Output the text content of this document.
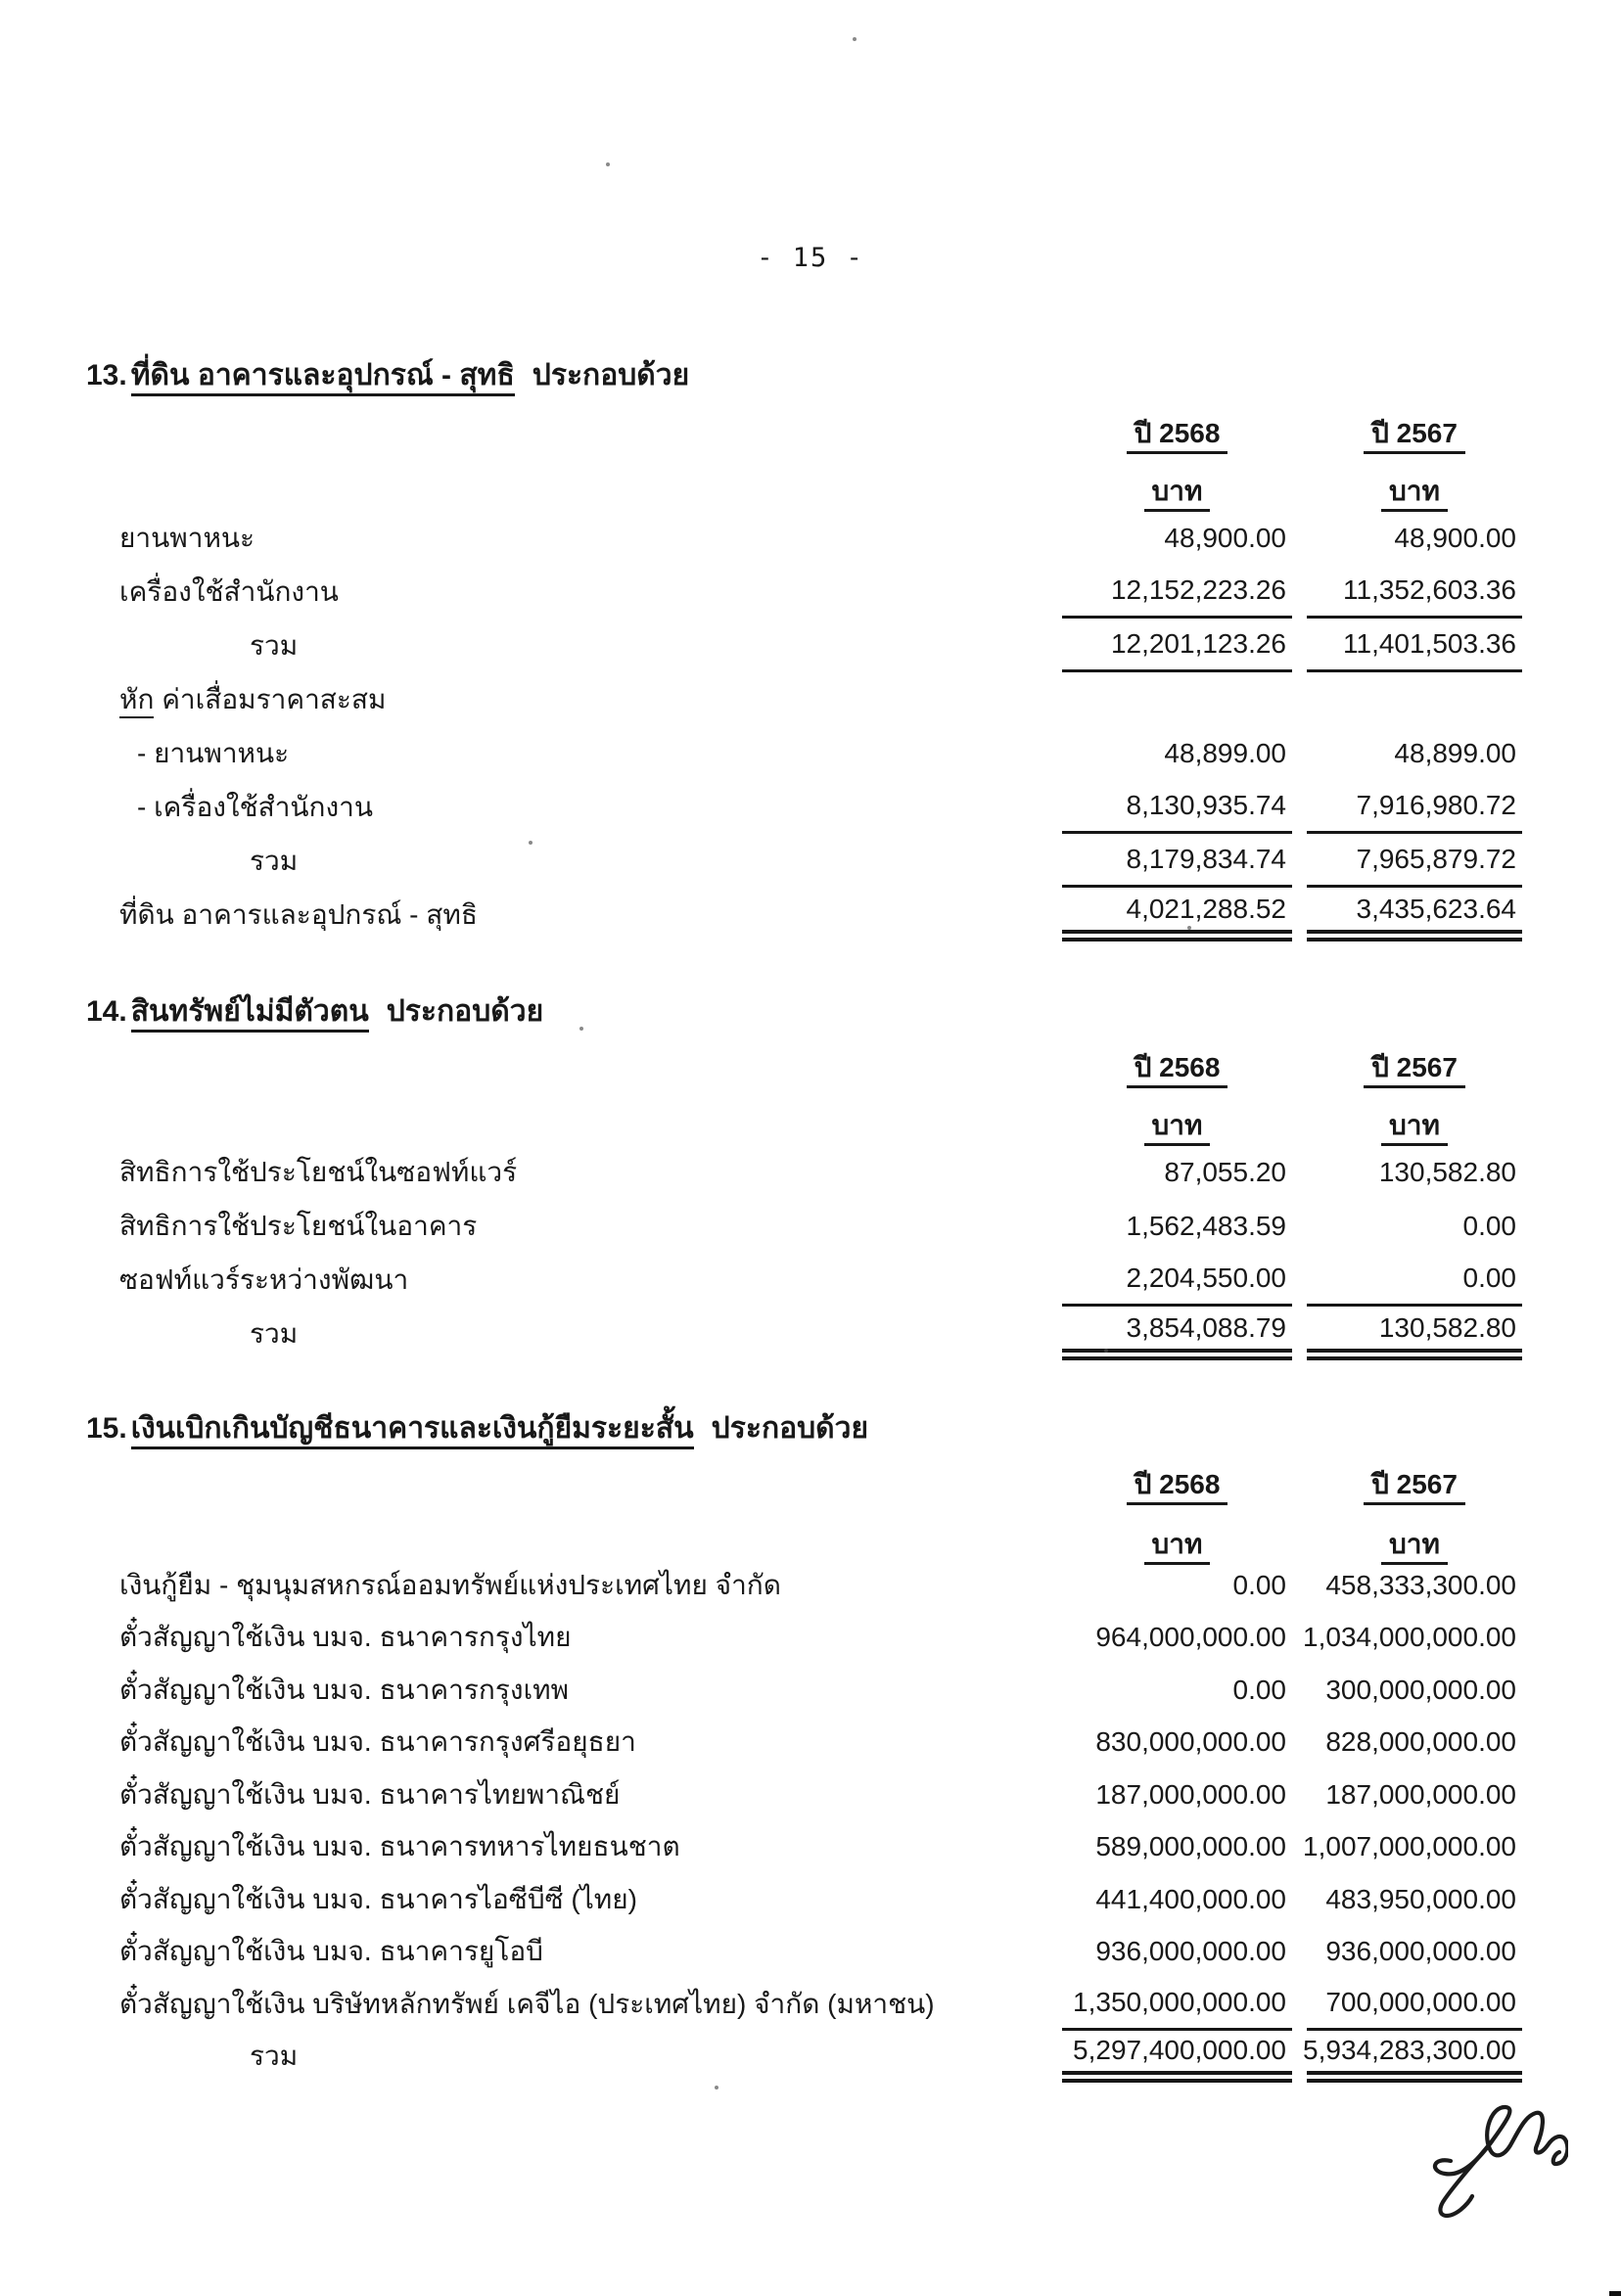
- 15 -
13. ที่ดิน อาคารและอุปกรณ์ - สุทธิ ประกอบด้วย
ปี 2568	ปี 2567
บาท	บาท
ยานพาหนะ	48,900.00	48,900.00
เครื่องใช้สำนักงาน	12,152,223.26	11,352,603.36
รวม	12,201,123.26	11,401,503.36
หัก ค่าเสื่อมราคาสะสม
- ยานพาหนะ	48,899.00	48,899.00
- เครื่องใช้สำนักงาน	8,130,935.74	7,916,980.72
รวม	8,179,834.74	7,965,879.72
ที่ดิน อาคารและอุปกรณ์ - สุทธิ	4,021,288.52	3,435,623.64
14. สินทรัพย์ไม่มีตัวตน ประกอบด้วย
ปี 2568	ปี 2567
บาท	บาท
สิทธิการใช้ประโยชน์ในซอฟท์แวร์	87,055.20	130,582.80
สิทธิการใช้ประโยชน์ในอาคาร	1,562,483.59	0.00
ซอฟท์แวร์ระหว่างพัฒนา	2,204,550.00	0.00
รวม	3,854,088.79	130,582.80
15. เงินเบิกเกินบัญชีธนาคารและเงินกู้ยืมระยะสั้น ประกอบด้วย
ปี 2568	ปี 2567
บาท	บาท
เงินกู้ยืม - ชุมนุมสหกรณ์ออมทรัพย์แห่งประเทศไทย จำกัด	0.00	458,333,300.00
ตั๋วสัญญาใช้เงิน บมจ. ธนาคารกรุงไทย	964,000,000.00 1,034,000,000.00
ตั๋วสัญญาใช้เงิน บมจ. ธนาคารกรุงเทพ	0.00	300,000,000.00
ตั๋วสัญญาใช้เงิน บมจ. ธนาคารกรุงศรีอยุธยา	830,000,000.00	828,000,000.00
ตั๋วสัญญาใช้เงิน บมจ. ธนาคารไทยพาณิชย์	187,000,000.00	187,000,000.00
ตั๋วสัญญาใช้เงิน บมจ. ธนาคารทหารไทยธนชาต	589,000,000.00 1,007,000,000.00
ตั๋วสัญญาใช้เงิน บมจ. ธนาคารไอซีบีซี (ไทย)	441,400,000.00	483,950,000.00
ตั๋วสัญญาใช้เงิน บมจ. ธนาคารยูโอบี	936,000,000.00	936,000,000.00
ตั๋วสัญญาใช้เงิน บริษัทหลักทรัพย์ เคจีไอ (ประเทศไทย) จำกัด (มหาชน)	1,350,000,000.00	700,000,000.00
รวม	5,297,400,000.00 5,934,283,300.00
